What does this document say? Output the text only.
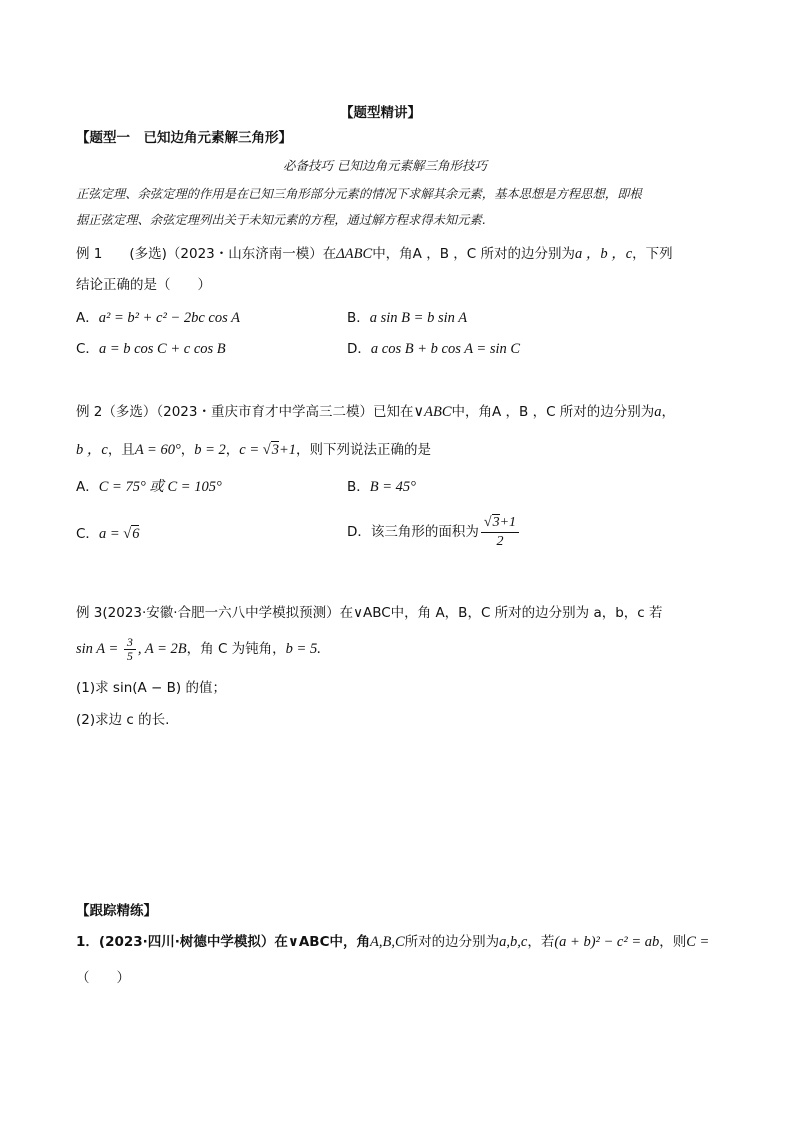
【题型精讲】
【题型一　已知边角元素解三角形】
必备技巧 已知边角元素解三角形技巧
正弦定理、余弦定理的作用是在已知三角形部分元素的情况下求解其余元素，基本思想是方程思想，即根
据正弦定理、余弦定理列出关于未知元素的方程，通过解方程求得未知元素.
例 1　　(多选)（2023・山东济南一模）在ΔABC中，角A ，B ，C 所对的边分别为a ，b ，c，下列
结论正确的是（　　）
A．a² = b² + c² − 2bc cos A	B．a sin B = b sin A
C．a = b cos C + c cos B	D．a cos B + b cos A = sin C
例 2（多选）（2023・重庆市育才中学高三二模）已知在∨ABC中，角A ，B ，C 所对的边分别为a，
b ，c，且A = 60°，b = 2，c = √3+1，则下列说法正确的是
A．C = 75° 或 C = 105°	B．B = 45°
C．a = √6	D．该三角形的面积为 $\frac{√3+1}{2}$
例 3(2023·安徽·合肥一六八中学模拟预测）在∨ABC中，角 A，B，C 所对的边分别为 a，b，c 若
$\sin A = \frac{3}{5}$ , A = 2B，角 C 为钝角，b = 5.
(1)求 sin(A − B) 的值；
(2)求边 c 的长.
【跟踪精练】
1．(2023·四川·树德中学模拟）在∨ABC中，角A,B,C所对的边分别为a,b,c，若(a + b)² − c² = ab，则C =
（　　）
